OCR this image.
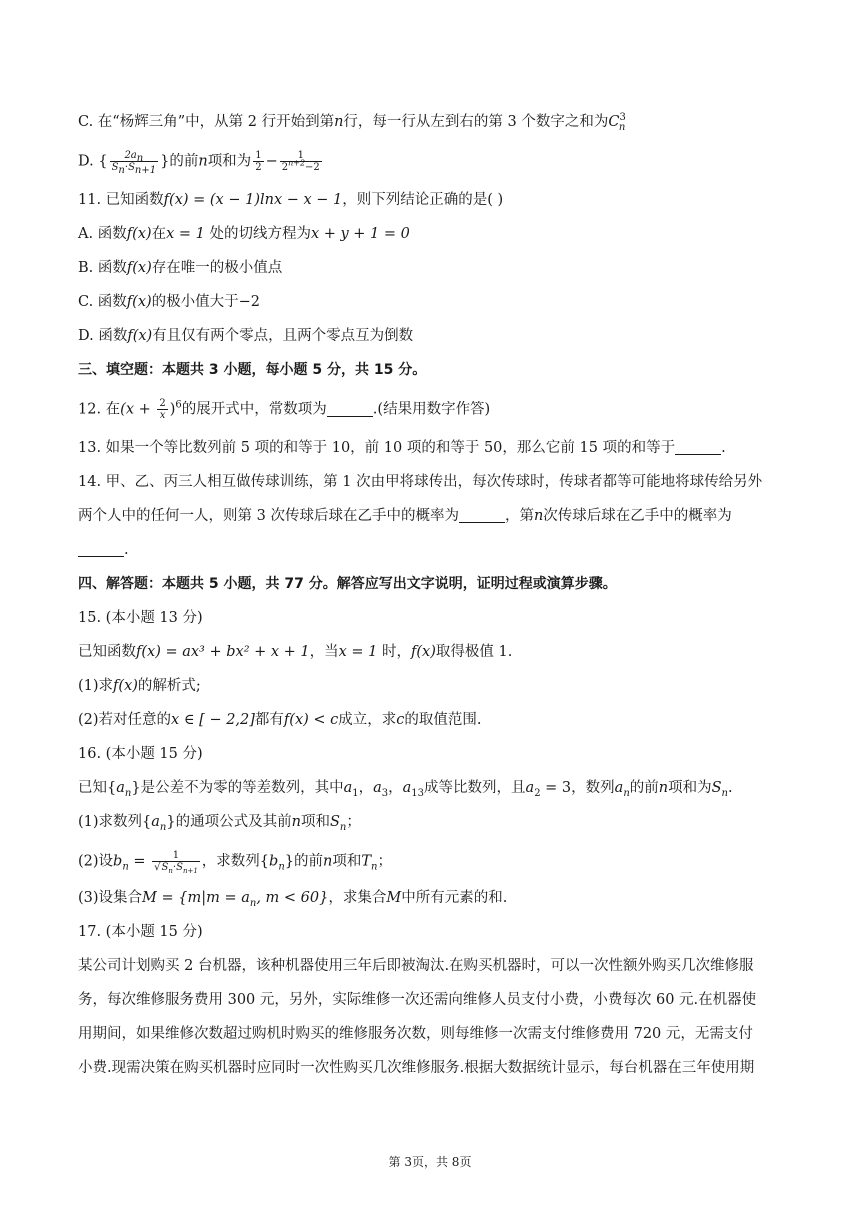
C. 在“杨辉三角”中，从第 2 行开始到第n行，每一行从左到右的第 3 个数字之和为$C^3_n$
D. { $\frac{2a_n}{S_n\cdot S_{n+1}}$ }的前n项和为 $\frac{1}{2} - \frac{1}{2^{n+2}-2}$
11. 已知函数f(x) = (x − 1)lnx − x − 1，则下列结论正确的是( )
A. 函数f(x)在x = 1 处的切线方程为x + y + 1 = 0
B. 函数f(x)存在唯一的极小值点
C. 函数f(x)的极小值大于−2
D. 函数f(x)有且仅有两个零点，且两个零点互为倒数
三、填空题：本题共 3 小题，每小题 5 分，共 15 分。
12. 在$(x + \frac{2}{x} )^6$的展开式中，常数项为	.(结果用数字作答)
13. 如果一个等比数列前 5 项的和等于 10，前 10 项的和等于 50，那么它前 15 项的和等于	.
14. 甲、乙、丙三人相互做传球训练，第 1 次由甲将球传出，每次传球时，传球者都等可能地将球传给另外
两个人中的任何一人，则第 3 次传球后球在乙手中的概率为	，第n次传球后球在乙手中的概率为
.
四、解答题：本题共 5 小题，共 77 分。解答应写出文字说明，证明过程或演算步骤。
15. (本小题 13 分)
已知函数f(x) = ax³ + bx² + x + 1，当x = 1 时，f(x)取得极值 1.
(1)求f(x)的解析式;
(2)若对任意的x ∈ [ − 2,2]都有f(x) < c成立，求c的取值范围.
16. (本小题 15 分)
已知$\{a_n\}$是公差不为零的等差数列，其中$a_1$，$a_3$，$a_{13}$成等比数列，且$a_2 = 3$，数列$a_n$的前n项和为$S_n$.
(1)求数列$\{a_n\}$的通项公式及其前n项和$S_n$；
(2)设$b_n = \frac{1}{√S_n\cdot S_{n+1}}$ ，求数列$\{b_n\}$的前n项和$T_n$；
(3)设集合$M = \{m|m = a_n$, m < 60}，求集合M中所有元素的和.
17. (本小题 15 分)
某公司计划购买 2 台机器，该种机器使用三年后即被淘汰.在购买机器时，可以一次性额外购买几次维修服
务，每次维修服务费用 300 元，另外，实际维修一次还需向维修人员支付小费，小费每次 60 元.在机器使
用期间，如果维修次数超过购机时购买的维修服务次数，则每维修一次需支付维修费用 720 元，无需支付
小费.现需决策在购买机器时应同时一次性购买几次维修服务.根据大数据统计显示，每台机器在三年使用期
第 3页，共 8页
